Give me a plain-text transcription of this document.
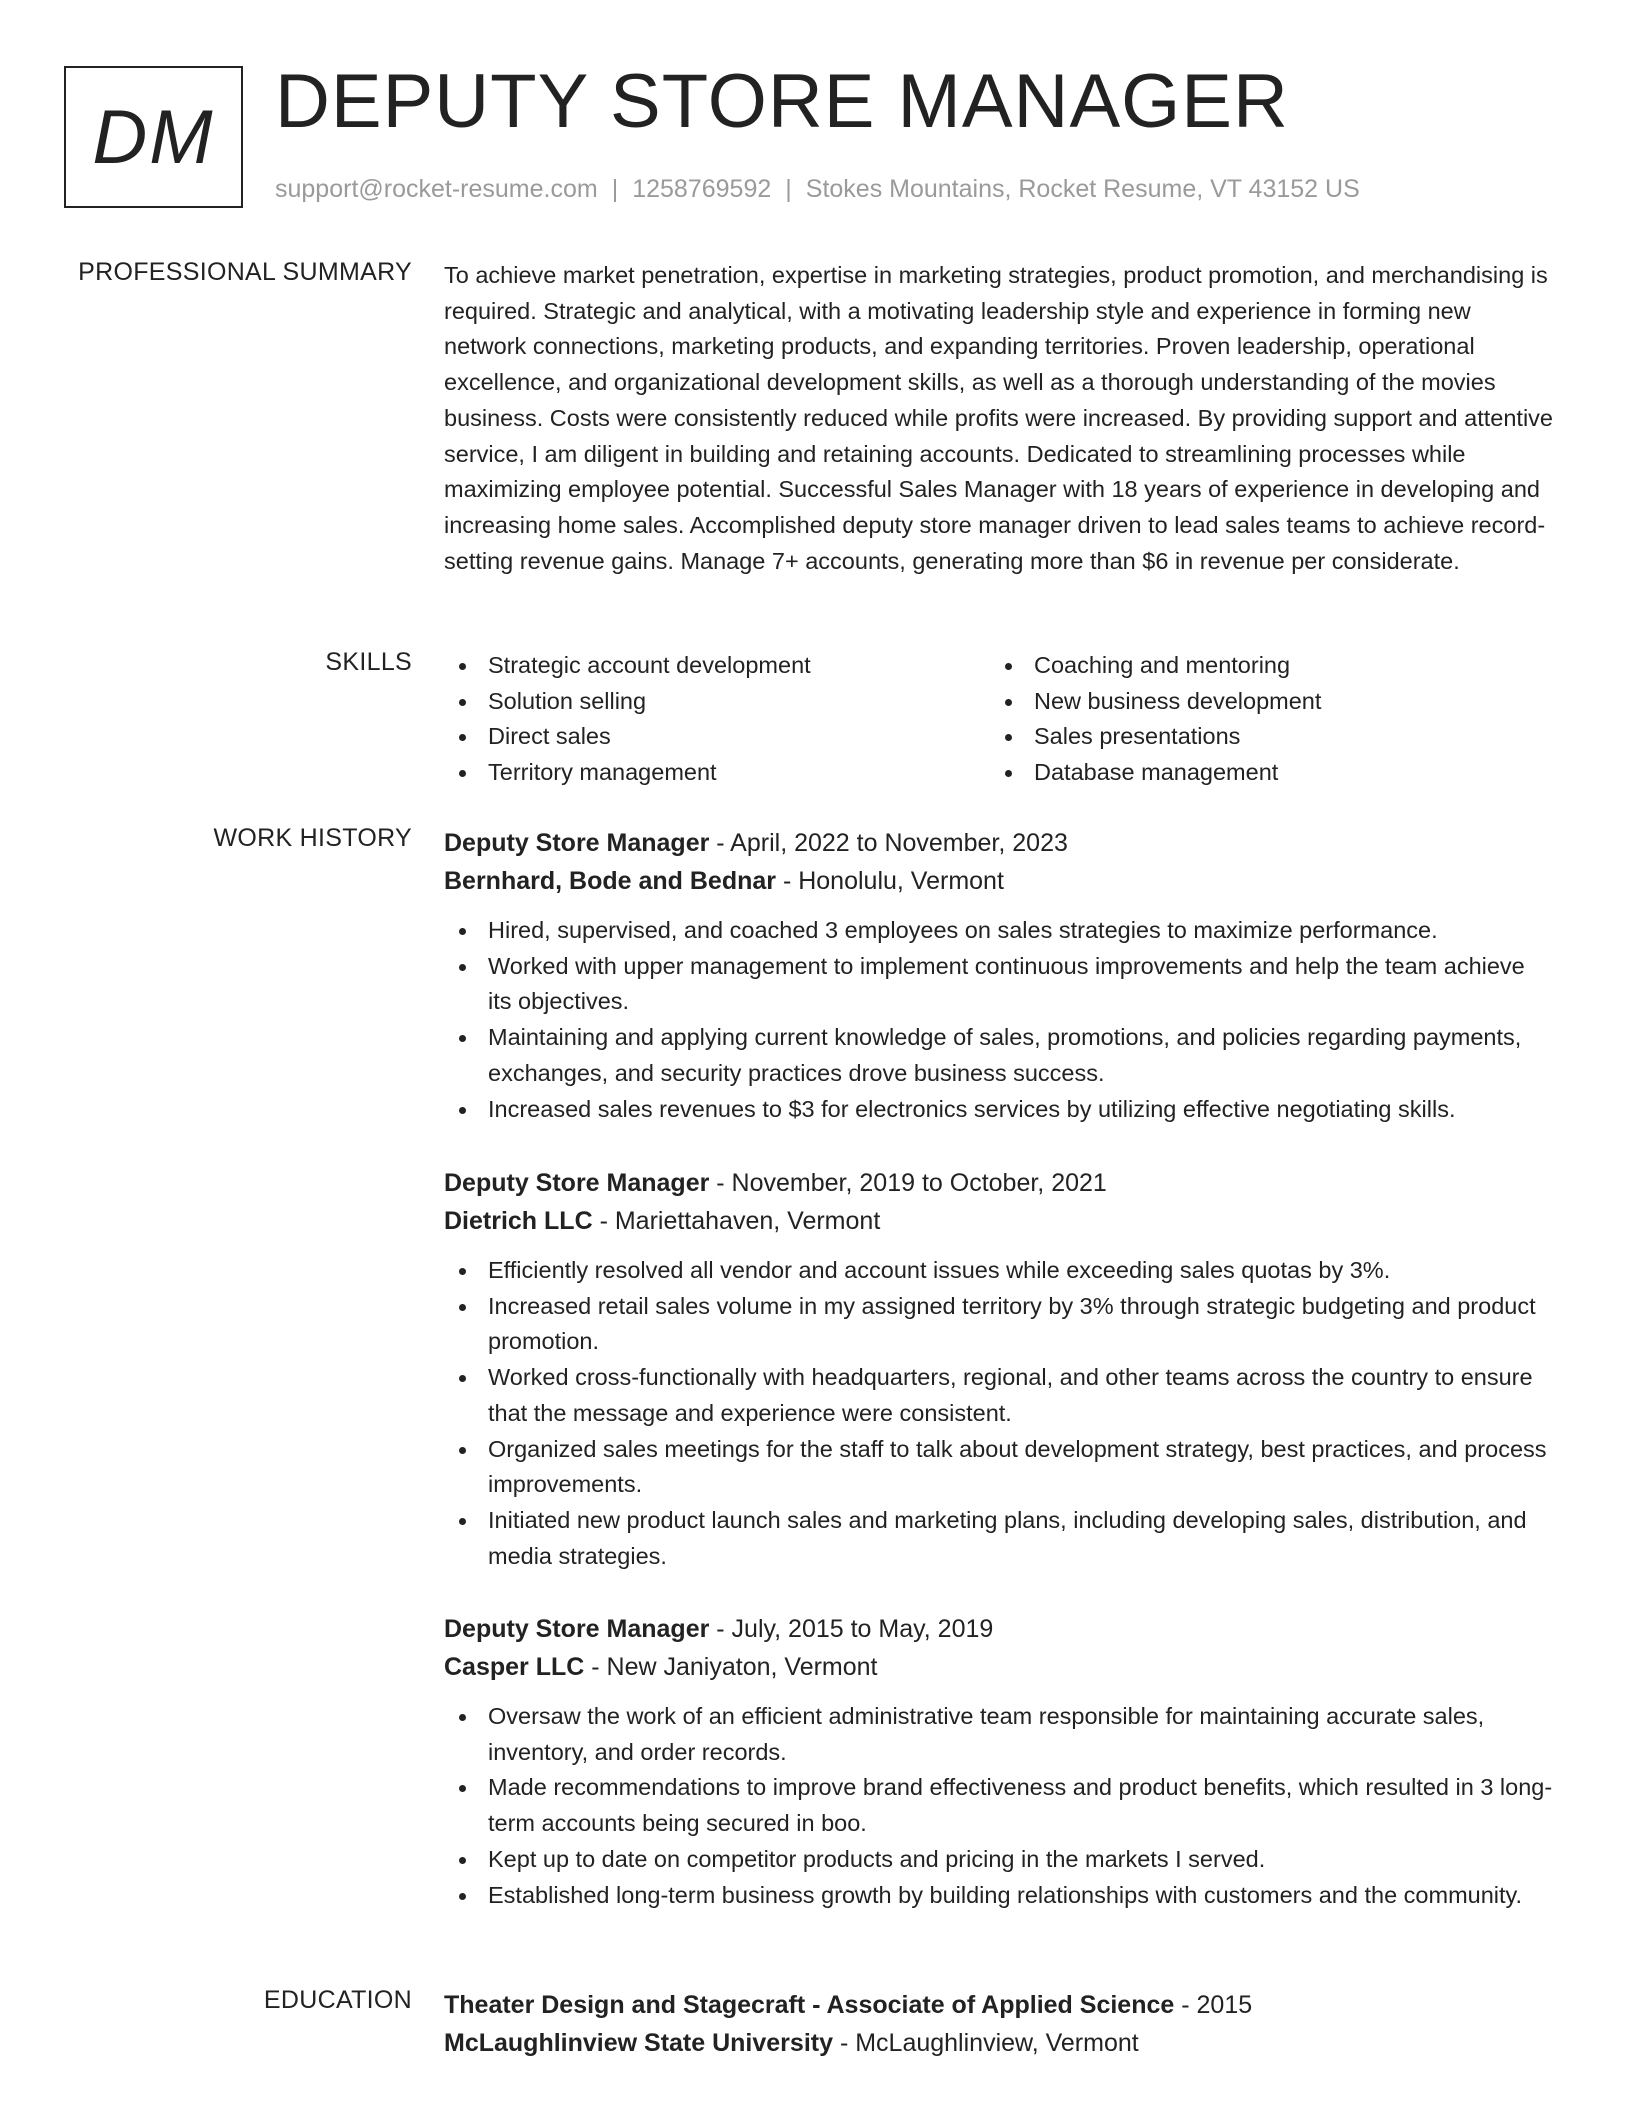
DM DEPUTY STORE MANAGER
support@rocket-resume.com | 1258769592 | Stokes Mountains, Rocket Resume, VT 43152 US
PROFESSIONAL SUMMARY To achieve market penetration, expertise in marketing strategies, product promotion, and merchandising is required. Strategic and analytical, with a motivating leadership style and experience in forming new network connections, marketing products, and expanding territories. Proven leadership, operational excellence, and organizational development skills, as well as a thorough understanding of the movies business. Costs were consistently reduced while profits were increased. By providing support and attentive service, I am diligent in building and retaining accounts. Dedicated to streamlining processes while maximizing employee potential. Successful Sales Manager with 18 years of experience in developing and increasing home sales. Accomplished deputy store manager driven to lead sales teams to achieve record-setting revenue gains. Manage 7+ accounts, generating more than $6 in revenue per considerate.

SKILLS	Strategic account development
Solution selling
Direct sales
Territory management
Coaching and mentoring
New business development
Sales presentations
Database management
WORK HISTORY Deputy Store Manager - April, 2022 to November, 2023
Bernhard, Bode and Bednar - Honolulu, Vermont
Hired, supervised, and coached 3 employees on sales strategies to maximize performance.
Worked with upper management to implement continuous improvements and help the team achieve its objectives.
Maintaining and applying current knowledge of sales, promotions, and policies regarding payments, exchanges, and security practices drove business success.
Increased sales revenues to $3 for electronics services by utilizing effective negotiating skills.
Deputy Store Manager - November, 2019 to October, 2021
Dietrich LLC - Mariettahaven, Vermont
Efficiently resolved all vendor and account issues while exceeding sales quotas by 3%.
Increased retail sales volume in my assigned territory by 3% through strategic budgeting and product promotion.
Worked cross-functionally with headquarters, regional, and other teams across the country to ensure that the message and experience were consistent.
Organized sales meetings for the staff to talk about development strategy, best practices, and process improvements.
Initiated new product launch sales and marketing plans, including developing sales, distribution, and media strategies.
Deputy Store Manager - July, 2015 to May, 2019
Casper LLC - New Janiyaton, Vermont
Oversaw the work of an efficient administrative team responsible for maintaining accurate sales, inventory, and order records.
Made recommendations to improve brand effectiveness and product benefits, which resulted in 3 long-term accounts being secured in boo.
Kept up to date on competitor products and pricing in the markets I served.
Established long-term business growth by building relationships with customers and the community.
EDUCATION Theater Design and Stagecraft - Associate of Applied Science - 2015
McLaughlinview State University - McLaughlinview, Vermont
